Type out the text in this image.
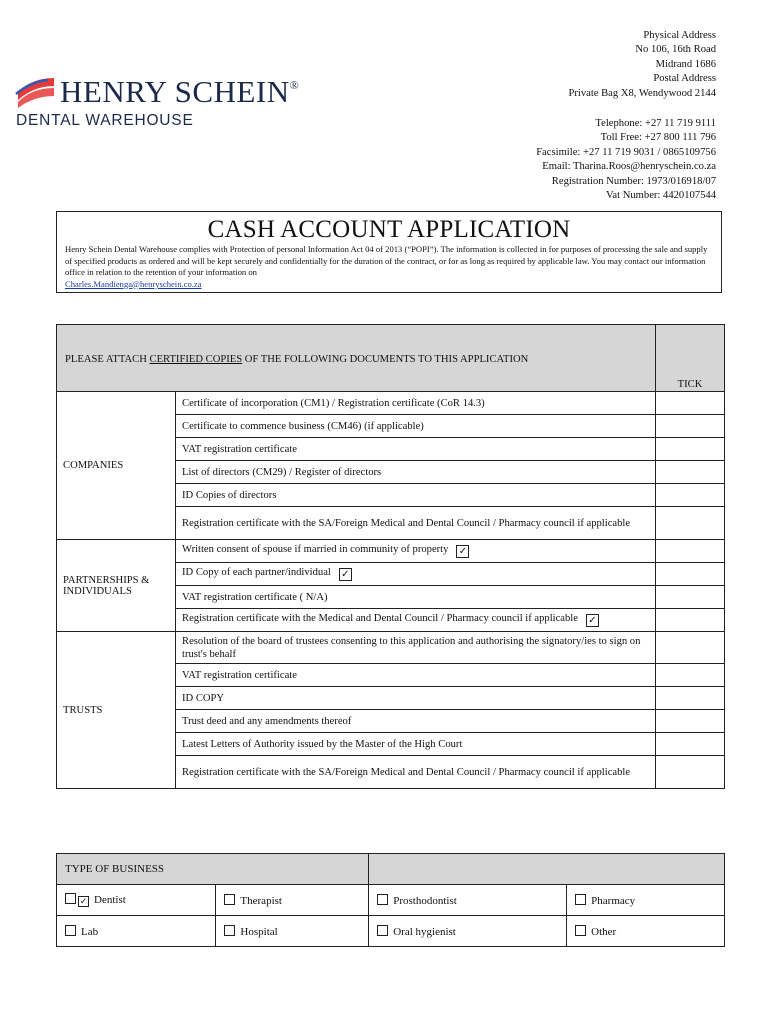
HENRY SCHEIN®
DENTAL WAREHOUSE
Physical Address
No 106, 16th Road
Midrand 1686
Postal Address
Private Bag X8, Wendywood 2144
Telephone: +27 11 719 9111
Toll Free: +27 800 111 796
Facsimile: +27 11 719 9031 / 0865109756
Email: Tharina.Roos@henryschein.co.za
Registration Number: 1973/016918/07
Vat Number: 4420107544
CASH ACCOUNT APPLICATION
Henry Schein Dental Warehouse complies with Protection of personal Information Act 04 of 2013 (“POPI”). The information is collected in for purposes of processing the sale and supply of specified products as ordered and will be kept securely and confidentially for the duration of the contract, or for as long as required by applicable law. You may contact our information office in relation to the retention of your information on
Charles.Mandienga@henryschein.co.za
PLEASE ATTACH CERTIFIED COPIES OF THE FOLLOWING DOCUMENTS TO THIS APPLICATION		TICK

COMPANIES	Certificate of incorporation (CM1) / Registration certificate (CoR 14.3)	
	Certificate to commence business (CM46) (if applicable)	
	VAT registration certificate	
	List of directors (CM29) / Register of directors	
	ID Copies of directors	
	Registration certificate with the SA/Foreign Medical and Dental Council / Pharmacy council if applicable	
PARTNERSHIPS & INDIVIDUALS	Written consent of spouse if married in community of property ✓	
	ID Copy of each partner/individual ✓	
	VAT registration certificate ( N/A)	
	Registration certificate with the Medical and Dental Council / Pharmacy council if applicable ✓	
TRUSTS	Resolution of the board of trustees consenting to this application and authorising the signatory/ies to sign on trust's behalf	
	VAT registration certificate	
	ID COPY	
	Trust deed and any amendments thereof	
	Latest Letters of Authority issued by the Master of the High Court	
	Registration certificate with the SA/Foreign Medical and Dental Council / Pharmacy council if applicable	
TYPE OF BUSINESS			
✓ Dentist	Therapist	Prosthodontist	Pharmacy
Lab	Hospital	Oral hygienist	Other
